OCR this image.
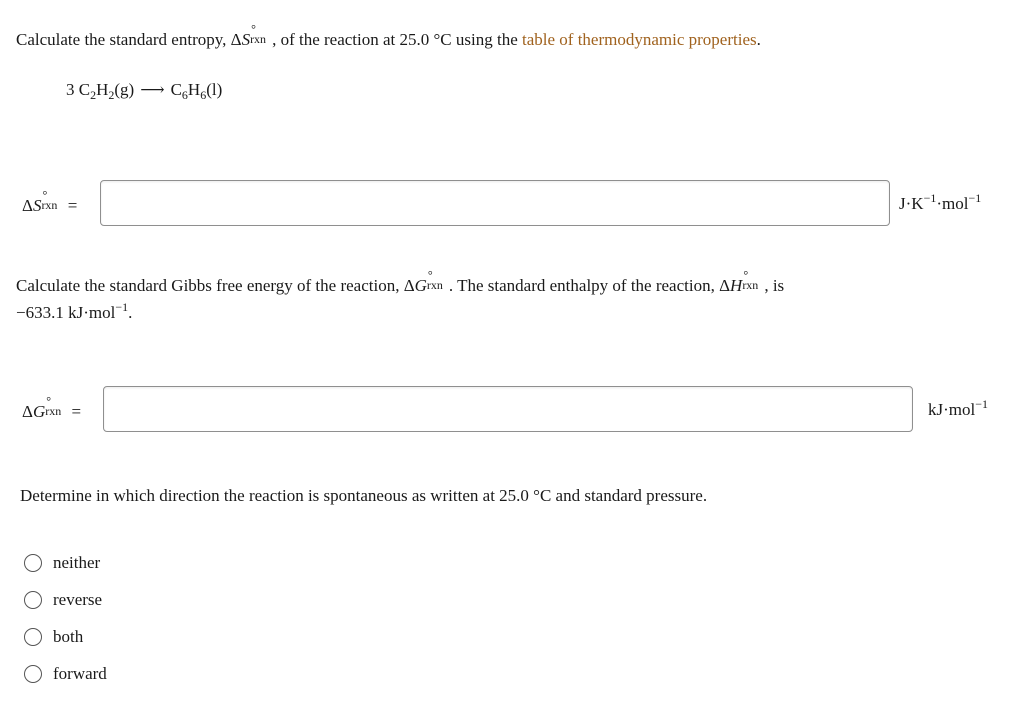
Calculate the standard entropy, ΔS
°
rxn , of the reaction at 25.0 °C using the table of thermodynamic properties.
3 $C_2H_2(g)$ ⟶ $C_6H_6(l)$
ΔS
°
rxn =	$J\cdot K^{-1}\cdot mol^{-1}$
Calculate the standard Gibbs free energy of the reaction, ΔG
°
rxn . The standard enthalpy of the reaction, ΔH
°
rxn , is
−633.1 kJ·mol$^{-1}$.
ΔG
°
rxn =	kJ·mol$^{-1}$
Determine in which direction the reaction is spontaneous as written at 25.0 °C and standard pressure.
neither
reverse
both
forward
